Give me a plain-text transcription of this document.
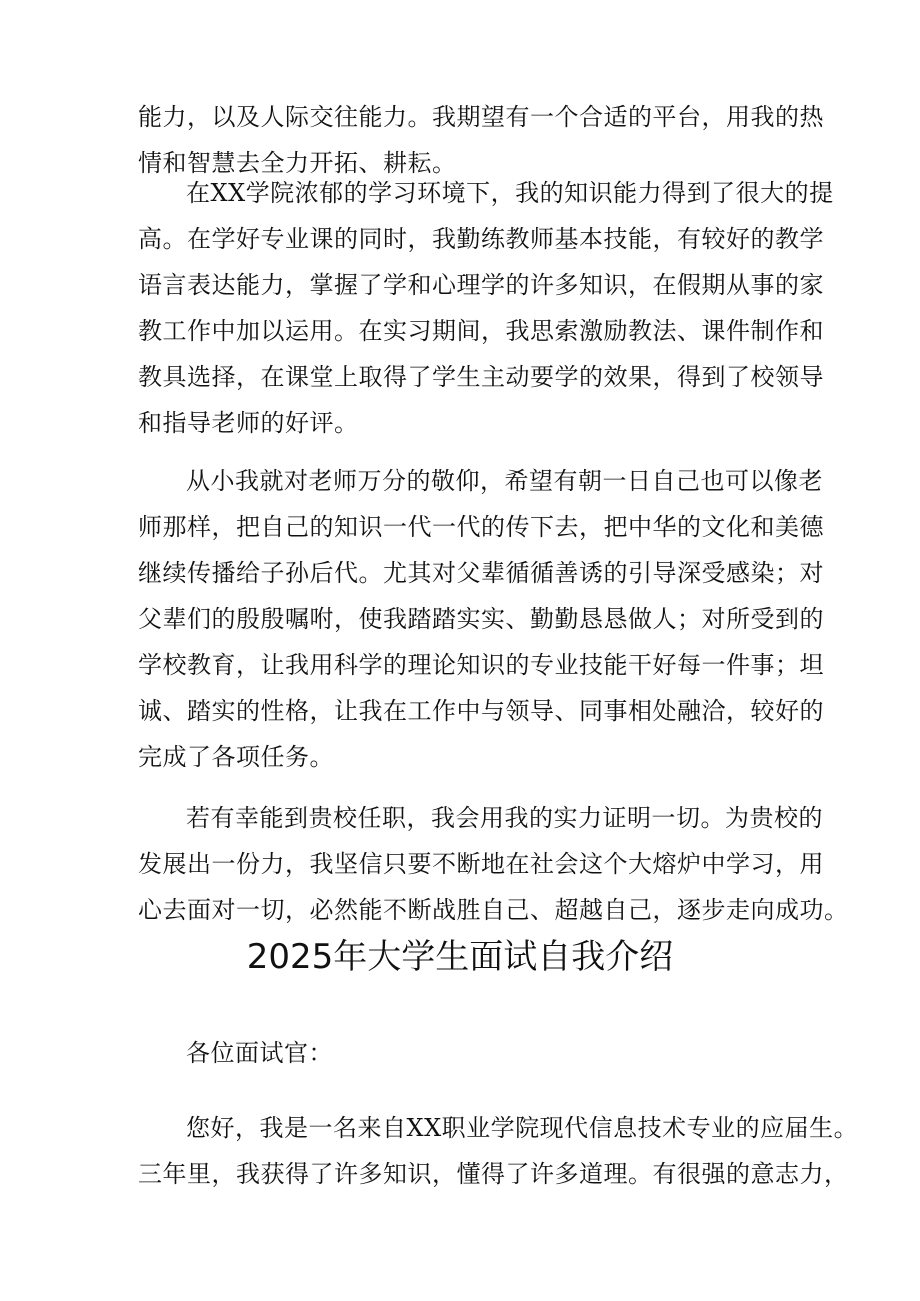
能力，以及人际交往能力。我期望有一个合适的平台，用我的热
情和智慧去全力开拓、耕耘。
在XX学院浓郁的学习环境下，我的知识能力得到了很大的提
高。在学好专业课的同时，我勤练教师基本技能，有较好的教学
语言表达能力，掌握了学和心理学的许多知识，在假期从事的家
教工作中加以运用。在实习期间，我思索激励教法、课件制作和
教具选择，在课堂上取得了学生主动要学的效果，得到了校领导
和指导老师的好评。
从小我就对老师万分的敬仰，希望有朝一日自己也可以像老
师那样，把自己的知识一代一代的传下去，把中华的文化和美德
继续传播给子孙后代。尤其对父辈循循善诱的引导深受感染；对
父辈们的殷殷嘱咐，使我踏踏实实、勤勤恳恳做人；对所受到的
学校教育，让我用科学的理论知识的专业技能干好每一件事；坦
诚、踏实的性格，让我在工作中与领导、同事相处融洽，较好的
完成了各项任务。
若有幸能到贵校任职，我会用我的实力证明一切。为贵校的
发展出一份力，我坚信只要不断地在社会这个大熔炉中学习，用
心去面对一切，必然能不断战胜自己、超越自己，逐步走向成功。
2025年大学生面试自我介绍
各位面试官：
您好，我是一名来自XX职业学院现代信息技术专业的应届生。
三年里，我获得了许多知识，懂得了许多道理。有很强的意志力，
